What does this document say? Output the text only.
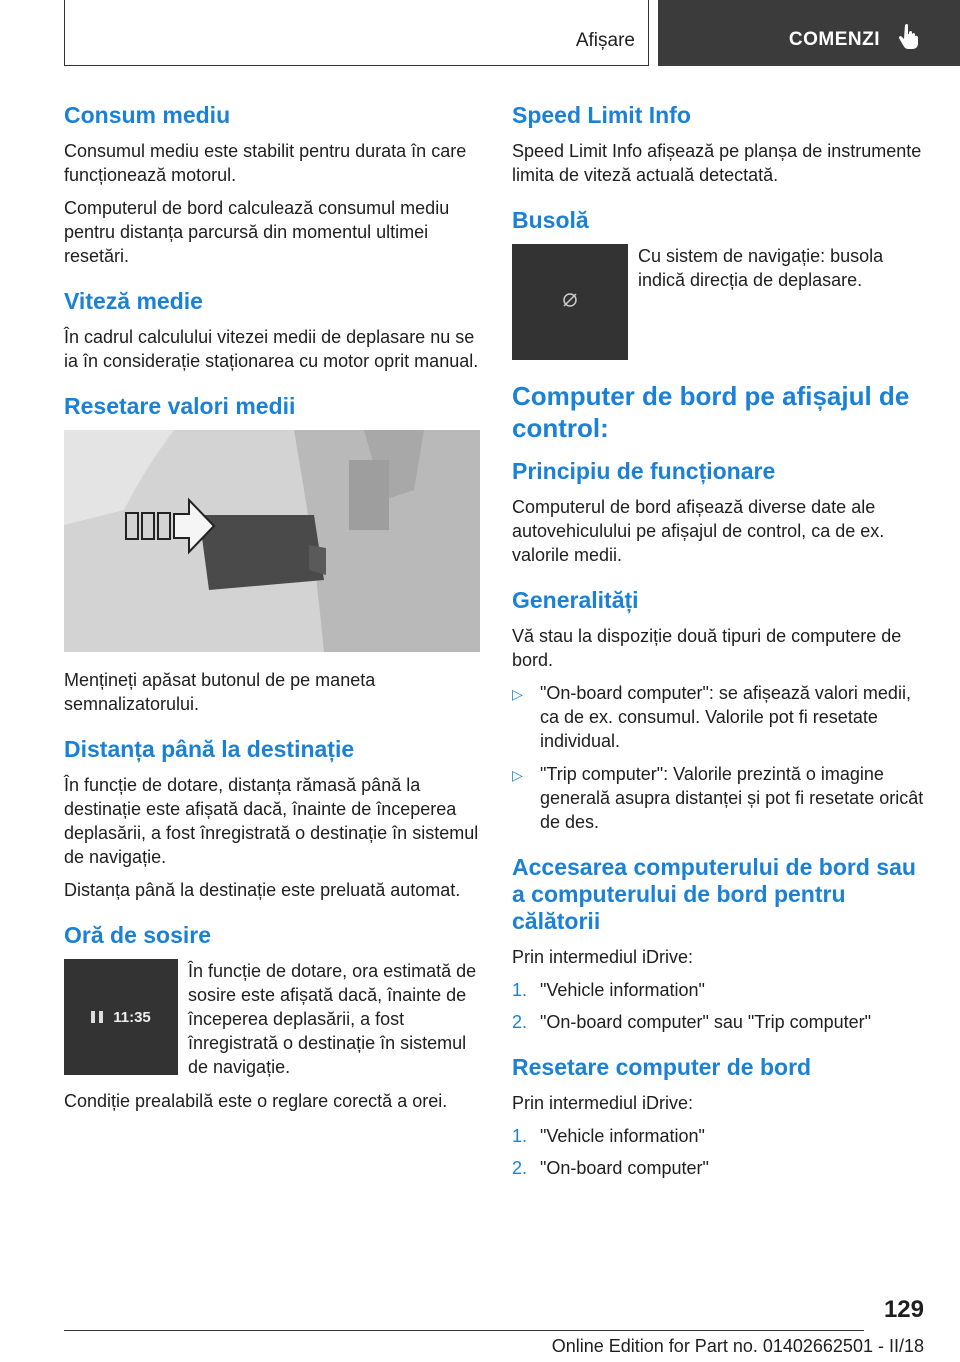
Afișare	COMENZI
Consum mediu

Consumul mediu este stabilit pentru durata în care funcționează motorul.

Computerul de bord calculează consumul mediu pentru distanța parcursă din momentul ultimei resetări.

Viteză medie

În cadrul calculului vitezei medii de deplasare nu se ia în considerație staționarea cu motor oprit manual.

Resetare valori medii

Mențineți apăsat butonul de pe maneta semnalizatorului.

Distanța până la destinație

În funcție de dotare, distanța rămasă până la destinație este afișată dacă, înainte de începerea deplasării, a fost înregistrată o destinație în sistemul de navigație.

Distanța până la destinație este preluată automat.

Oră de sosire
11:35

În funcție de dotare, ora estimată de sosire este afișată dacă, înainte de începerea deplasării, a fost înregistrată o destinație în sistemul de navigație.

Condiție prealabilă este o reglare corectă a orei.

Speed Limit Info

Speed Limit Info afișează pe planșa de instrumente limita de viteză actuală detectată.

Busolă

Cu sistem de navigație: busola indică direcția de deplasare.

Computer de bord pe afișajul de control:
Principiu de funcționare

Computerul de bord afișează diverse date ale autovehiculului pe afișajul de control, ca de ex. valorile medii.

Generalități

Vă stau la dispoziție două tipuri de computere de bord.

▷ "On-board computer": se afișează valori medii, ca de ex. consumul. Valorile pot fi resetate individual.
▷ "Trip computer": Valorile prezintă o imagine generală asupra distanței și pot fi resetate oricât de des.
Accesarea computerului de bord sau a computerului de bord pentru călătorii

Prin intermediul iDrive:

1. "Vehicle information"
2. "On-board computer" sau "Trip computer"
Resetare computer de bord

Prin intermediul iDrive:

1. "Vehicle information"
2. "On-board computer"
129
Online Edition for Part no. 01402662501 - II/18
